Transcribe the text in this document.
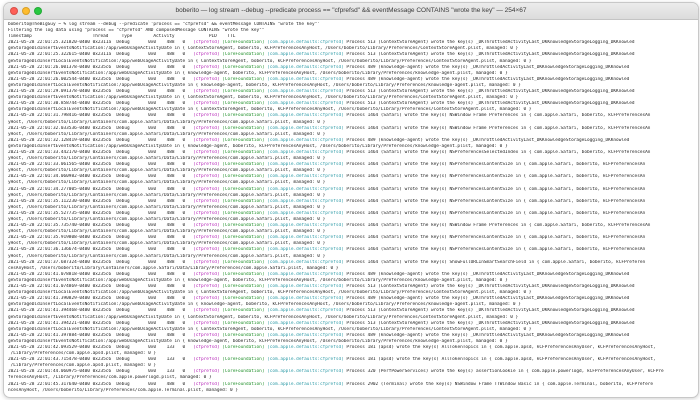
boberito — log stream --debug --predicate process == "cfprefsd" && eventMessage CONTAINS "wrote the key" — 254×67
boberito@TheBigGuy ~ % log stream --debug --predicate 'process == "cfprefsd" && eventMessage CONTAINS "wrote the key"'
Filtering the log data using "process == "cfprefsd" AND composedMessage CONTAINS "wrote the key""
Timestamp                       Thread     Type        Activity             PID    TTL
2021-05-28 22:01:25.321820-0400 0x2311a  Debug       0x0    488   0   [cfprefsd] [CoreFoundation] [com.apple.defaults:cfprefsd] Process 513 (ContextStoreAgent) wrote the key(s) _DKThrottledActivityLast_DKKnowledgeStorageLogging_DKKnowled
geStorageDidInsertEventsNotification:/app/webUsageActivityDate in { ContextStoreAgent, boberito, kCFPreferencesAnyHost, /Users/boberito/Library/Preferences/ContextStoreAgent.plist, managed: 0 }
2021-05-28 22:01:25.322615-0400 0x2311a  Debug       0x0    488   0   [cfprefsd] [CoreFoundation] [com.apple.defaults:cfprefsd] Process 513 (ContextStoreAgent) wrote the key(s) _DKThrottledActivityLast_DKKnowledgeStorageLogging_DKKnowled
geStorageDidInsertLocalEventsNotification:/app/webUsageActivityDate in { ContextStoreAgent, boberito, kCFPreferencesAnyHost, /Users/boberito/Library/Preferences/ContextStoreAgent.plist, managed: 0 }
2021-05-28 22:01:26.001378-0400 0x235c6  Debug       0x0    488   0   [cfprefsd] [CoreFoundation] [com.apple.defaults:cfprefsd] Process 489 (knowledge-agent) wrote the key(s) _DKThrottledActivityLast_DKKnowledgeStorageLogging_DKKnowled
geStorageDidInsertEventsNotification:/app/webUsageActivityDate in { knowledge-agent, boberito, kCFPreferencesAnyHost, /Users/boberito/Library/Preferences/knowledge-agent.plist, managed: 0 }
2021-05-28 22:01:26.002544-0400 0x235c6  Debug       0x0    488   0   [cfprefsd] [CoreFoundation] [com.apple.defaults:cfprefsd] Process 489 (knowledge-agent) wrote the key(s) _DKThrottledActivityLast_DKKnowledgeStorageLogging_DKKnowled
geStorageDidInsertLocalEventsNotification:/app/webUsageActivityDate in { knowledge-agent, boberito, kCFPreferencesAnyHost, /Users/boberito/Library/Preferences/knowledge-agent.plist, managed: 0 }
2021-05-28 22:01:29.091378-0400 0x235c6  Debug       0x0    488   0   [cfprefsd] [CoreFoundation] [com.apple.defaults:cfprefsd] Process 513 (ContextStoreAgent) wrote the key(s) _DKThrottledActivityLast_DKKnowledgeStorageLogging_DKKnowled
geStorageDidInsertEventsNotification:/app/webUsageActivityDate in { ContextStoreAgent, boberito, kCFPreferencesAnyHost, /Users/boberito/Library/Preferences/ContextStoreAgent.plist, managed: 0 }
2021-05-28 22:01:30.858744-0400 0x235c6  Debug       0x0    488   0   [cfprefsd] [CoreFoundation] [com.apple.defaults:cfprefsd] Process 513 (ContextStoreAgent) wrote the key(s) _DKThrottledActivityLast_DKKnowledgeStorageLogging_DKKnowled
geStorageDidInsertLocalEventsNotification:/app/webUsageActivityDate in { ContextStoreAgent, boberito, kCFPreferencesAnyHost, /Users/boberito/Library/Preferences/ContextStoreAgent.plist, managed: 0 }
2021-05-28 22:01:31.798416-0400 0x235c6  Debug       0x0    488   0   [cfprefsd] [CoreFoundation] [com.apple.defaults:cfprefsd] Process 1464 (Safari) wrote the key(s) NSWindow Frame Preferences in { com.apple.Safari, boberito, kCFPreferencesAn
yHost, /Users/boberito/Library/Containers/com.apple.Safari/Data/Library/Preferences/com.apple.Safari.plist, managed: 0 }
2021-05-28 22:01:32.033536-0400 0x235c6  Debug       0x0    488   0   [cfprefsd] [CoreFoundation] [com.apple.defaults:cfprefsd] Process 1464 (Safari) wrote the key(s) NSWindow Frame Preferences in { com.apple.Safari, boberito, kCFPreferencesAn
yHost, /Users/boberito/Library/Containers/com.apple.Safari/Data/Library/Preferences/com.apple.Safari.plist, managed: 0 }
2021-05-28 22:01:32.128419-0400 0x235c6  Debug       0x0    488   0   [cfprefsd] [CoreFoundation] [com.apple.defaults:cfprefsd] Process 489 (knowledge-agent) wrote the key(s) _DKThrottledActivityLast_DKKnowledgeStorageLogging_DKKnowled
geStorageDidInsertEventsNotification:/app/webUsageActivityDate in { knowledge-agent, boberito, kCFPreferencesAnyHost, /Users/boberito/Library/Preferences/knowledge-agent.plist, managed: 0 }
2021-05-28 22:01:33.442170-0400 0x235c6  Debug       0x0    488   0   [cfprefsd] [CoreFoundation] [com.apple.defaults:cfprefsd] Process 1464 (Safari) wrote the key(s) NSPreferencesSelectedIndex in { com.apple.Safari, boberito, kCFPreferencesAn
yHost, /Users/boberito/Library/Containers/com.apple.Safari/Data/Library/Preferences/com.apple.Safari.plist, managed: 0 }
2021-05-28 22:01:33.061565-0400 0x235c6  Debug       0x0    488   0   [cfprefsd] [CoreFoundation] [com.apple.defaults:cfprefsd] Process 1464 (Safari) wrote the key(s) NSPreferencesContentSize in { com.apple.Safari, boberito, kCFPreferencesAn
yHost, /Users/boberito/Library/Containers/com.apple.Safari/Data/Library/Preferences/com.apple.Safari.plist, managed: 0 }
2021-05-28 22:01:34.060982-0400 0x235c6  Debug       0x0    488   0   [cfprefsd] [CoreFoundation] [com.apple.defaults:cfprefsd] Process 1464 (Safari) wrote the key(s) NSPreferencesContentSize in { com.apple.Safari, boberito, kCFPreferencesAn
yHost, /Users/boberito/Library/Containers/com.apple.Safari/Data/Library/Preferences/com.apple.Safari.plist, managed: 0 }
2021-05-28 22:01:34.277005-0400 0x235c6  Debug       0x0    488   0   [cfprefsd] [CoreFoundation] [com.apple.defaults:cfprefsd] Process 1464 (Safari) wrote the key(s) NSPreferencesContentSize in { com.apple.Safari, boberito, kCFPreferencesAn
yHost, /Users/boberito/Library/Containers/com.apple.Safari/Data/Library/Preferences/com.apple.Safari.plist, managed: 0 }
2021-05-28 22:01:35.112230-0400 0x235c6  Debug       0x0    488   0   [cfprefsd] [CoreFoundation] [com.apple.defaults:cfprefsd] Process 1464 (Safari) wrote the key(s) NSPreferencesContentSize in { com.apple.Safari, boberito, kCFPreferencesAn
yHost, /Users/boberito/Library/Containers/com.apple.Safari/Data/Library/Preferences/com.apple.Safari.plist, managed: 0 }
2021-05-28 22:01:35.527735-0400 0x235c6  Debug       0x0    488   0   [cfprefsd] [CoreFoundation] [com.apple.defaults:cfprefsd] Process 1464 (Safari) wrote the key(s) NSPreferencesContentSize in { com.apple.Safari, boberito, kCFPreferencesAn
yHost, /Users/boberito/Library/Containers/com.apple.Safari/Data/Library/Preferences/com.apple.Safari.plist, managed: 0 }
2021-05-28 22:01:35.735740-0400 0x235c6  Debug       0x0    488   0   [cfprefsd] [CoreFoundation] [com.apple.defaults:cfprefsd] Process 1464 (Safari) wrote the key(s) NSWindow Frame Preferences in { com.apple.Safari, boberito, kCFPreferencesAn
yHost, /Users/boberito/Library/Containers/com.apple.Safari/Data/Library/Preferences/com.apple.Safari.plist, managed: 0 }
2021-05-28 22:01:35.919808-0400 0x235c6  Debug       0x0    488   0   [cfprefsd] [CoreFoundation] [com.apple.defaults:cfprefsd] Process 1464 (Safari) wrote the key(s) NSPreferencesContentSize in { com.apple.Safari, boberito, kCFPreferencesAn
yHost, /Users/boberito/Library/Containers/com.apple.Safari/Data/Library/Preferences/com.apple.Safari.plist, managed: 0 }
2021-05-28 22:01:36.136674-0400 0x235c6  Debug       0x0    488   0   [cfprefsd] [CoreFoundation] [com.apple.defaults:cfprefsd] Process 1464 (Safari) wrote the key(s) NSPreferencesContentSize in { com.apple.Safari, boberito, kCFPreferencesAn
yHost, /Users/boberito/Library/Containers/com.apple.Safari/Data/Library/Preferences/com.apple.Safari.plist, managed: 0 }
2021-05-28 22:01:37.687324-0400 0x235c6  Debug       0x0    488   0   [cfprefsd] [CoreFoundation] [com.apple.defaults:cfprefsd] Process 1464 (Safari) wrote the key(s) ShowFullURLInSmartSearchField in { com.apple.Safari, boberito, kCFPreferen
cesAnyHost, /Users/boberito/Library/Containers/com.apple.Safari/Data/Library/Preferences/com.apple.Safari.plist, managed: 0 }
2021-05-28 22:01:41.078818-0400 0x235c6  Debug       0x0    488   0   [cfprefsd] [CoreFoundation] [com.apple.defaults:cfprefsd] Process 489 (knowledge-agent) wrote the key(s) _DKThrottledActivityLast_DKKnowledgeStorageLogging_DKKnowled
geStorageDidInsertEventsNotification:/app/webUsageActivityDate in { knowledge-agent, boberito, kCFPreferencesAnyHost, /Users/boberito/Library/Preferences/knowledge-agent.plist, managed: 0 }
2021-05-28 22:01:41.074869-0400 0x235c6  Debug       0x0    488   0   [cfprefsd] [CoreFoundation] [com.apple.defaults:cfprefsd] Process 513 (ContextStoreAgent) wrote the key(s) _DKThrottledActivityLast_DKKnowledgeStorageLogging_DKKnowled
geStorageDidInsertLocalEventsNotification:/app/webUsageActivityDate in { ContextStoreAgent, boberito, kCFPreferencesAnyHost, /Users/boberito/Library/Preferences/ContextStoreAgent.plist, managed: 0 }
2021-05-28 22:01:41.390829-0400 0x235c6  Debug       0x0    488   0   [cfprefsd] [CoreFoundation] [com.apple.defaults:cfprefsd] Process 489 (knowledge-agent) wrote the key(s) _DKThrottledActivityLast_DKKnowledgeStorageLogging_DKKnowled
geStorageDidInsertLocalEventsNotification:/app/webUsageActivityDate in { knowledge-agent, boberito, kCFPreferencesAnyHost, /Users/boberito/Library/Preferences/knowledge-agent.plist, managed: 0 }
2021-05-28 22:01:41.394468-0400 0x235c6  Debug       0x0    488   0   [cfprefsd] [CoreFoundation] [com.apple.defaults:cfprefsd] Process 513 (ContextStoreAgent) wrote the key(s) _DKThrottledActivityLast_DKKnowledgeStorageLogging_DKKnowled
geStorageDidInsertEventsNotification:/app/webUsageActivityDate in { ContextStoreAgent, boberito, kCFPreferencesAnyHost, /Users/boberito/Library/Preferences/ContextStoreAgent.plist, managed: 0 }
2021-05-28 22:01:41.394221-0400 0x235c6  Debug       0x0    488   0   [cfprefsd] [CoreFoundation] [com.apple.defaults:cfprefsd] Process 513 (ContextStoreAgent) wrote the key(s) _DKThrottledActivityLast_DKKnowledgeStorageLogging_DKKnowled
geStorageDidInsertLocalEventsNotification:/app/webUsageActivityDate in { ContextStoreAgent, boberito, kCFPreferencesAnyHost, /Users/boberito/Library/Preferences/ContextStoreAgent.plist, managed: 0 }
2021-05-28 22:01:41.397884-0400 0x235c6  Debug       0x0    488   0   [cfprefsd] [CoreFoundation] [com.apple.defaults:cfprefsd] Process 489 (knowledge-agent) wrote the key(s) _DKThrottledActivityLast_DKKnowledgeStorageLogging_DKKnowled
geStorageDidInsertEventsNotification:/app/webUsageActivityDate in { knowledge-agent, boberito, kCFPreferencesAnyHost, /Users/boberito/Library/Preferences/knowledge-agent.plist, managed: 0 }
2021-05-28 22:01:42.093529-0400 0x235c6  Debug       0x0    133   0   [cfprefsd] [CoreFoundation] [com.apple.defaults:cfprefsd] Process 181 (apsd) wrote the key(s) AllTokenTopics in { com.apple.apsd, kCFPreferencesAnyUser, kCFPreferencesAnyHost,
/Library/Preferences/com.apple.apsd.plist, managed: 0 }
2021-05-28 22:01:43.715478-0400 0x235c6  Debug       0x0    133   0   [cfprefsd] [CoreFoundation] [com.apple.defaults:cfprefsd] Process 181 (apsd) wrote the key(s) AllTokenTopics in { com.apple.apsd, kCFPreferencesAnyUser, kCFPreferencesAnyHost,
/Library/Preferences/com.apple.apsd.plist, managed: 0 }
2021-05-28 22:01:44.060975-0400 0x235c6  Debug       0x0    133   0   [cfprefsd] [CoreFoundation] [com.apple.defaults:cfprefsd] Process 320 (PerfPowerServices) wrote the key(s) assertionCookie in { com.apple.powerlogd, kCFPreferencesAnyUser, kCFPre
ferencesAnyHost, /Library/Preferences/com.apple.powerlogd.plist, managed: 0 }
2021-05-28 22:01:45.317640-0400 0x235c6  Debug       0x0    488   0   [cfprefsd] [CoreFoundation] [com.apple.defaults:cfprefsd] Process 2902 (Terminal) wrote the key(s) NSWindow Frame TTWindow Basic in { com.apple.Terminal, boberito, kCFPrefere
ncesAnyHost, /Users/boberito/Library/Preferences/com.apple.Terminal.plist, managed: 0 }
